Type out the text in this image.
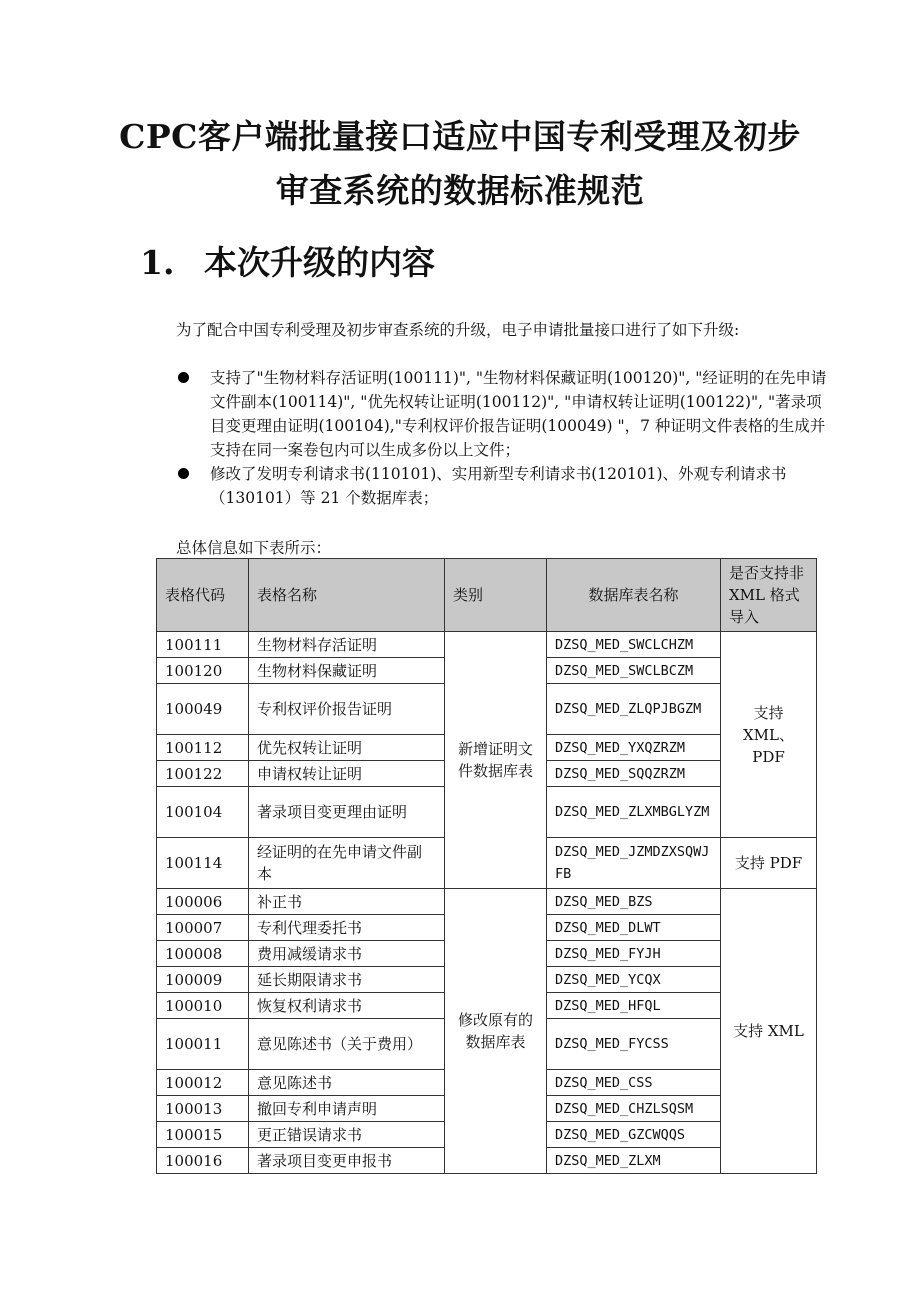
CPC客户端批量接口适应中国专利受理及初步
审查系统的数据标准规范
1. 本次升级的内容

为了配合中国专利受理及初步审查系统的升级，电子申请批量接口进行了如下升级:

支持了"生物材料存活证明(100111)", "生物材料保藏证明(100120)", "经证明的在先申请文件副本(100114)", "优先权转让证明(100112)", "申请权转让证明(100122)", "著录项目变更理由证明(100104),"专利权评价报告证明(100049) "，7 种证明文件表格的生成并支持在同一案卷包内可以生成多份以上文件；
修改了发明专利请求书(110101)、实用新型专利请求书(120101)、外观专利请求书（130101）等 21 个数据库表；

总体信息如下表所示：

表格代码	表格名称	类别	数据库表名称	是否支持非 XML 格式导入
100111	生物材料存活证明	新增证明文件数据库表	DZSQ_MED_SWCLCHZM	支持 XML、PDF
100120	生物材料保藏证明		DZSQ_MED_SWCLBCZM	
100049	专利权评价报告证明		DZSQ_MED_ZLQPJBGZM	
100112	优先权转让证明		DZSQ_MED_YXQZRZM	
100122	申请权转让证明		DZSQ_MED_SQQZRZM	
100104	著录项目变更理由证明		DZSQ_MED_ZLXMBGLYZM	
100114	经证明的在先申请文件副本		DZSQ_MED_JZMDZXSQWJFB	支持 PDF
100006	补正书	修改原有的数据库表	DZSQ_MED_BZS	支持 XML
100007	专利代理委托书		DZSQ_MED_DLWT	
100008	费用减缓请求书		DZSQ_MED_FYJH	
100009	延长期限请求书		DZSQ_MED_YCQX	
100010	恢复权利请求书		DZSQ_MED_HFQL	
100011	意见陈述书（关于费用）		DZSQ_MED_FYCSS	
100012	意见陈述书		DZSQ_MED_CSS	
100013	撤回专利申请声明		DZSQ_MED_CHZLSQSM	
100015	更正错误请求书		DZSQ_MED_GZCWQQS	
100016	著录项目变更申报书		DZSQ_MED_ZLXM	
